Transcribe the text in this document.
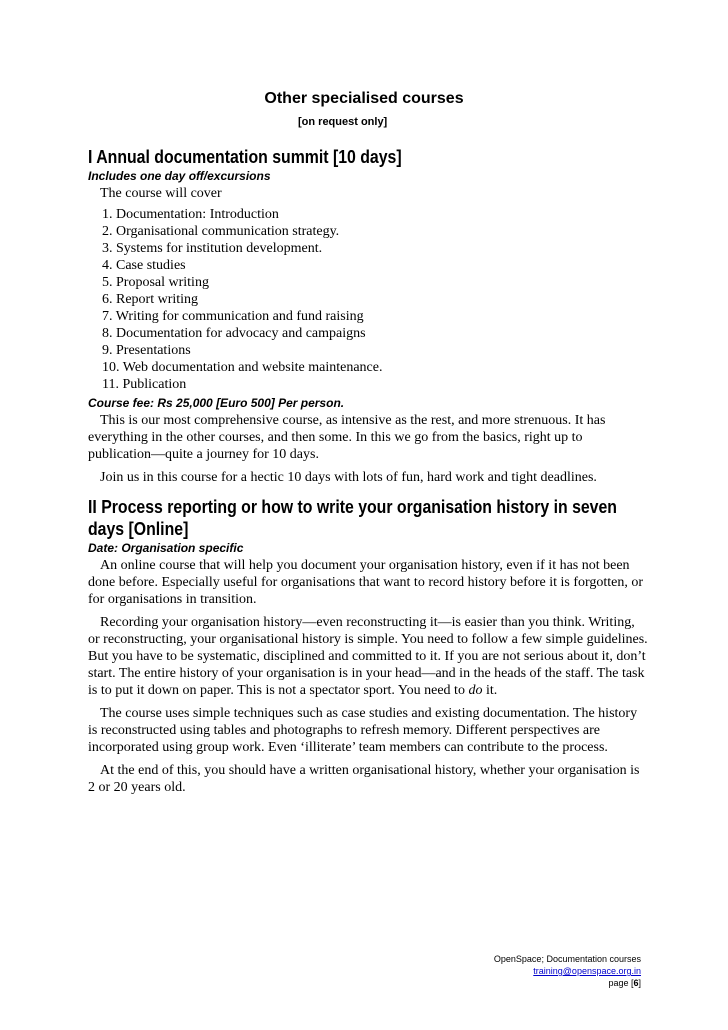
Other specialised courses
[on request only]
I Annual documentation summit [10 days]
Includes one day off/excursions

The course will cover

1. Documentation: Introduction
2. Organisational communication strategy.
3. Systems for institution development.
4. Case studies
5. Proposal writing
6. Report writing
7. Writing for communication and fund raising
8. Documentation for advocacy and campaigns
9. Presentations
10. Web documentation and website maintenance.
11. Publication
Course fee: Rs 25,000 [Euro 500] Per person.

This is our most comprehensive course, as intensive as the rest, and more strenuous. It has everything in the other courses, and then some. In this we go from the basics, right up to publication—quite a journey for 10 days.

Join us in this course for a hectic 10 days with lots of fun, hard work and tight deadlines.

II Process reporting or how to write your organisation history in seven days [Online]
Date: Organisation specific

An online course that will help you document your organisation history, even if it has not been done before. Especially useful for organisations that want to record history before it is forgotten, or for organisations in transition.

Recording your organisation history—even reconstructing it—is easier than you think. Writing, or reconstructing, your organisational history is simple. You need to follow a few simple guidelines. But you have to be systematic, disciplined and committed to it. If you are not serious about it, don’t start. The entire history of your organisation is in your head—and in the heads of the staff. The task is to put it down on paper. This is not a spectator sport. You need to do it.

The course uses simple techniques such as case studies and existing documentation. The history is reconstructed using tables and photographs to refresh memory. Different perspectives are incorporated using group work. Even ‘illiterate’ team members can contribute to the process.

At the end of this, you should have a written organisational history, whether your organisation is 2 or 20 years old.

OpenSpace; Documentation courses
training@openspace.org.in
page [6]
